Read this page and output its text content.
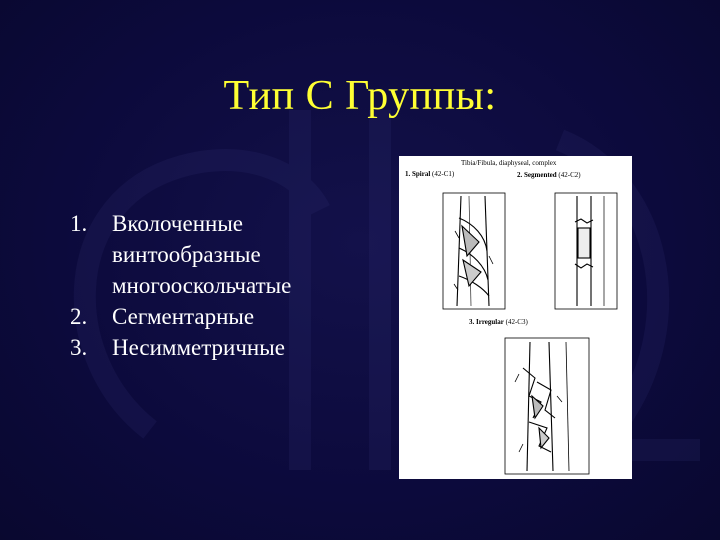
Тип С Группы:
1. Вколоченные винтообразные многооскольчатые
2. Сегментарные
3. Несимметричные
Tibia/Fibula, diaphyseal, complex
1. Spiral (42-C1)	2. Segmented (42-C2)
3. Irregular (42-C3)
